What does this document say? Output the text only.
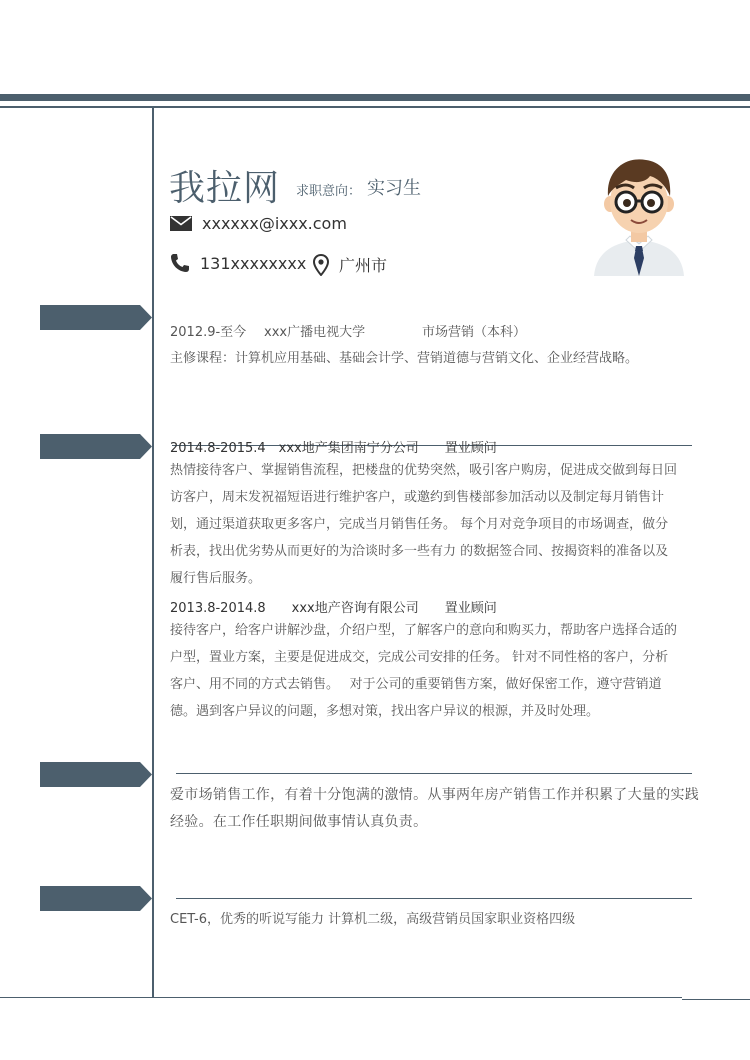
我拉网 求职意向： 实习生
xxxxxx@ixxx.com
131xxxxxxxx 广州市
2012.9-至今	xxx广播电视大学	市场营销（本科）
主修课程：计算机应用基础、基础会计学、营销道德与营销文化、企业经营战略。
2014.8-2015.4　xxx地产集团南宁分公司　　置业顾问
热情接待客户、掌握销售流程，把楼盘的优势突然，吸引客户购房，促进成交做到每日回访客户，周末发祝福短语进行维护客户，或邀约到售楼部参加活动以及制定每月销售计划，通过渠道获取更多客户，完成当月销售任务。 每个月对竞争项目的市场调查，做分析表，找出优劣势从而更好的为洽谈时多一些有力 的数据签合同、按揭资料的准备以及履行售后服务。
2013.8-2014.8　　xxx地产咨询有限公司　　置业顾问
接待客户，给客户讲解沙盘，介绍户型，了解客户的意向和购买力，帮助客户选择合适的户型，置业方案，主要是促进成交，完成公司安排的任务。 针对不同性格的客户，分析客户、用不同的方式去销售。　 对于公司的重要销售方案，做好保密工作，遵守营销道德。遇到客户异议的问题，多想对策，找出客户异议的根源，并及时处理。
爱市场销售工作，有着十分饱满的激情。从事两年房产销售工作并积累了大量的实践经验。在工作任职期间做事情认真负责。
CET-6，优秀的听说写能力 计算机二级，高级营销员国家职业资格四级
